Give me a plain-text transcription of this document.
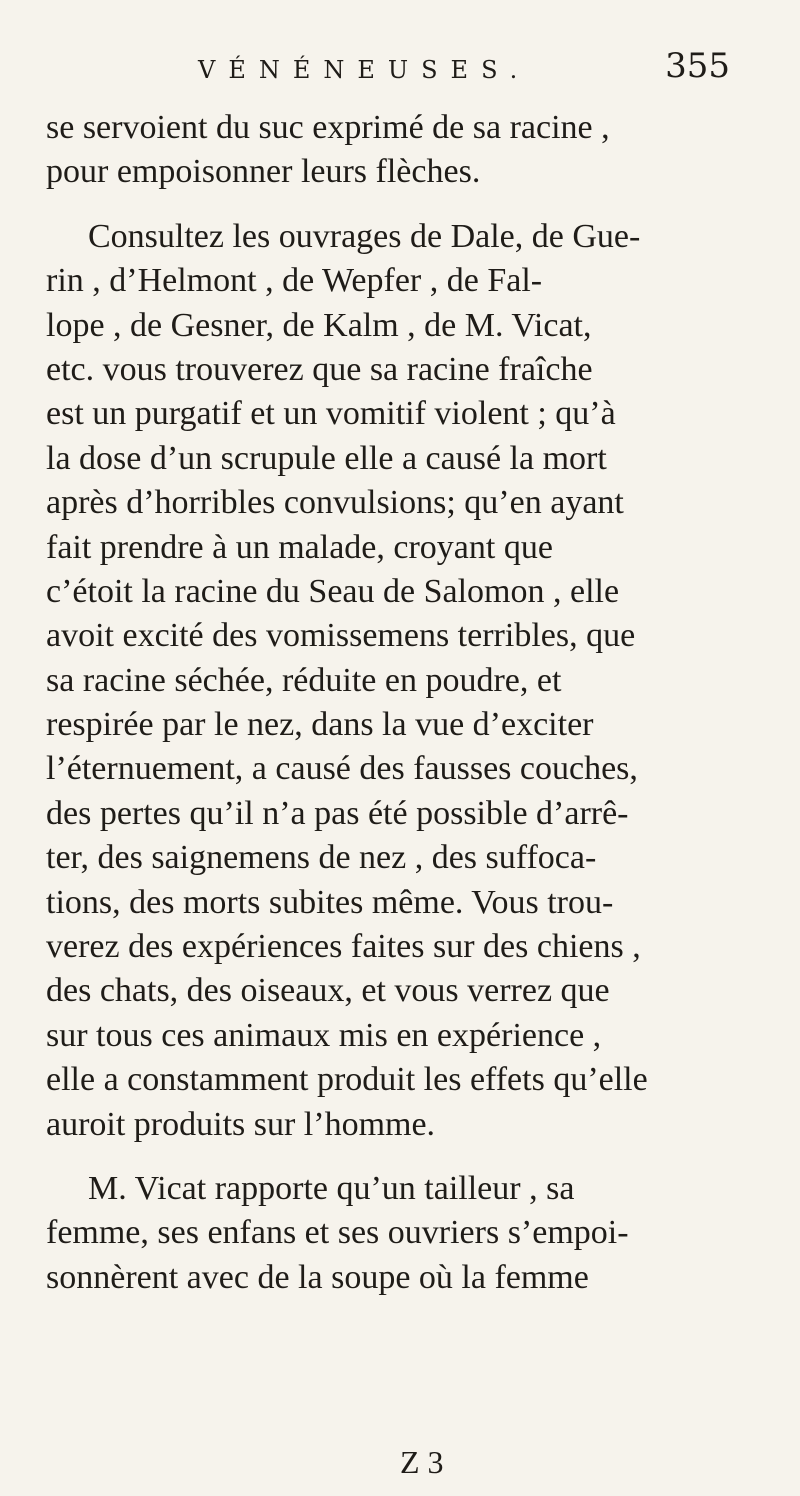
VÉNÉNEUSES.	355
se servoient du suc exprimé de sa racine ,
pour empoisonner leurs flèches.
Consultez les ouvrages de Dale, de Gue-
rin , d’Helmont , de Wepfer , de Fal-
lope , de Gesner, de Kalm , de M. Vicat,
etc. vous trouverez que sa racine fraîche
est un purgatif et un vomitif violent ; qu’à
la dose d’un scrupule elle a causé la mort
après d’horribles convulsions; qu’en ayant
fait prendre à un malade, croyant que
c’étoit la racine du Seau de Salomon , elle
avoit excité des vomissemens terribles, que
sa racine séchée, réduite en poudre, et
respirée par le nez, dans la vue d’exciter
l’éternuement, a causé des fausses couches,
des pertes qu’il n’a pas été possible d’arrê-
ter, des saignemens de nez , des suffoca-
tions, des morts subites même. Vous trou-
verez des expériences faites sur des chiens ,
des chats, des oiseaux, et vous verrez que
sur tous ces animaux mis en expérience ,
elle a constamment produit les effets qu’elle
auroit produits sur l’homme.
M. Vicat rapporte qu’un tailleur , sa
femme, ses enfans et ses ouvriers s’empoi-
sonnèrent avec de la soupe où la femme
Z 3
